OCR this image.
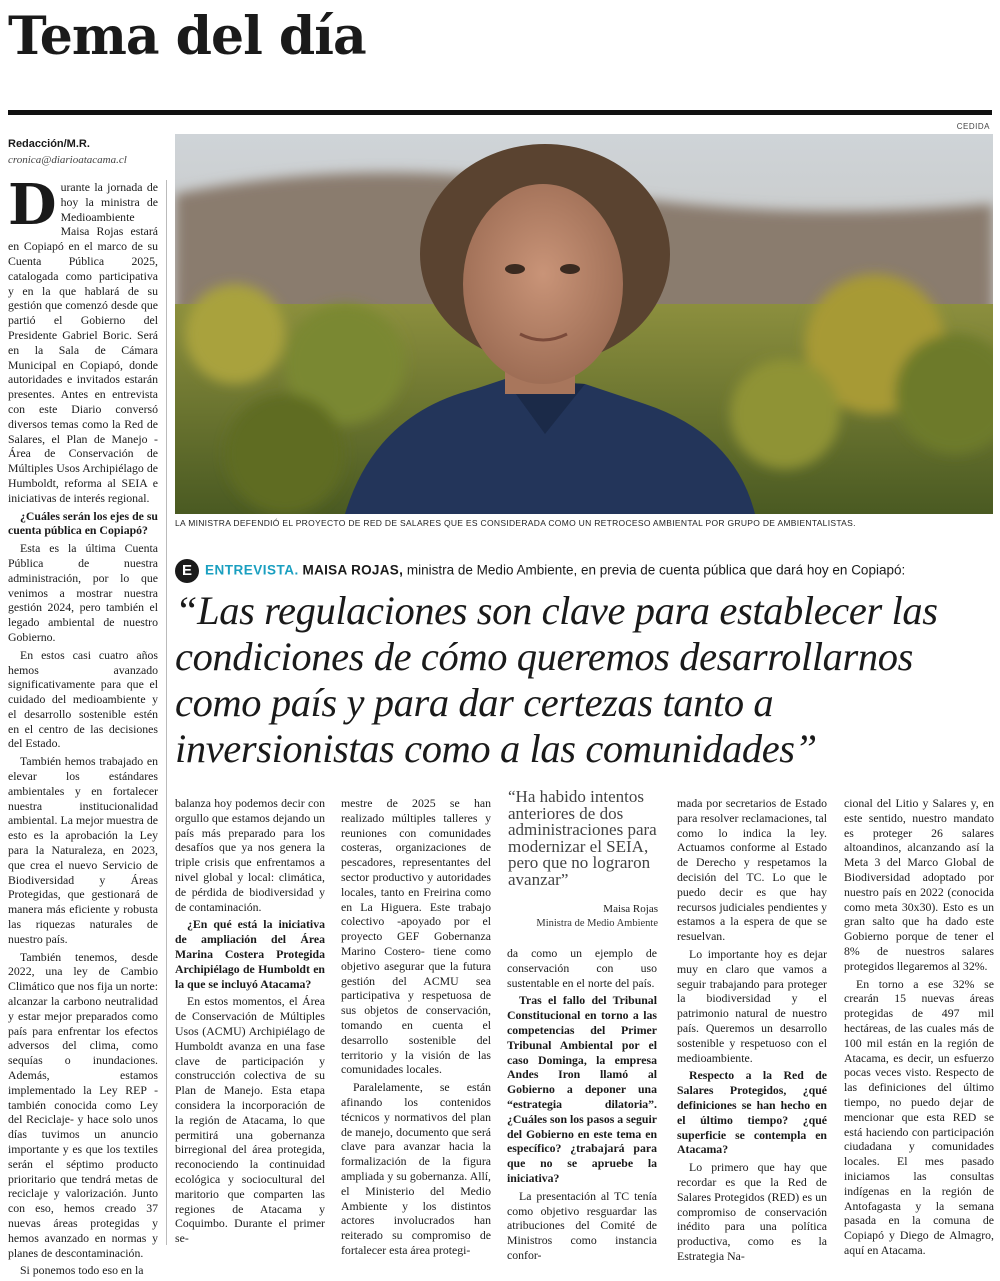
Tema del día
CEDIDA
Redacción/M.R.
cronica@diarioatacama.cl
LA MINISTRA DEFENDIÓ EL PROYECTO DE RED DE SALARES QUE ES CONSIDERADA COMO UN RETROCESO AMBIENTAL POR GRUPO DE AMBIENTALISTAS.
E ENTREVISTA. MAISA ROJAS, ministra de Medio Ambiente, en previa de cuenta pública que dará hoy en Copiapó:
“Las regulaciones son clave para establecer las condiciones de cómo queremos desarrollarnos como país y para dar certezas tanto a inversionistas como a las comunidades”

Durante la jornada de hoy la ministra de Medioambiente Maisa Rojas estará en Copiapó en el marco de su Cuenta Pública 2025, catalogada como participativa y en la que hablará de su gestión que comenzó desde que partió el Gobierno del Presidente Gabriel Boric. Será en la Sala de Cámara Municipal en Copiapó, donde autoridades e invitados estarán presentes. Antes en entrevista con este Diario conversó diversos temas como la Red de Salares, el Plan de Manejo - Área de Conservación de Múltiples Usos Archipiélago de Humboldt, reforma al SEIA e iniciativas de interés regional.

¿Cuáles serán los ejes de su cuenta pública en Copiapó?

Esta es la última Cuenta Pública de nuestra administración, por lo que venimos a mostrar nuestra gestión 2024, pero también el legado ambiental de nuestro Gobierno.

En estos casi cuatro años hemos avanzado significativamente para que el cuidado del medioambiente y el desarrollo sostenible estén en el centro de las decisiones del Estado.

También hemos trabajado en elevar los estándares ambientales y en fortalecer nuestra institucionalidad ambiental. La mejor muestra de esto es la aprobación la Ley para la Naturaleza, en 2023, que crea el nuevo Servicio de Biodiversidad y Áreas Protegidas, que gestionará de manera más eficiente y robusta las riquezas naturales de nuestro país.

También tenemos, desde 2022, una ley de Cambio Climático que nos fija un norte: alcanzar la carbono neutralidad y estar mejor preparados como país para enfrentar los efectos adversos del clima, como sequías o inundaciones. Además, estamos implementado la Ley REP -también conocida como Ley del Reciclaje- y hace solo unos días tuvimos un anuncio importante y es que los textiles serán el séptimo producto prioritario que tendrá metas de reciclaje y valorización. Junto con eso, hemos creado 37 nuevas áreas protegidas y hemos avanzado en normas y planes de descontaminación.

Si ponemos todo eso en la

balanza hoy podemos decir con orgullo que estamos dejando un país más preparado para los desafíos que ya nos genera la triple crisis que enfrentamos a nivel global y local: climática, de pérdida de biodiversidad y de contaminación.

¿En qué está la iniciativa de ampliación del Área Marina Costera Protegida Archipiélago de Humboldt en la que se incluyó Atacama?

En estos momentos, el Área de Conservación de Múltiples Usos (ACMU) Archipiélago de Humboldt avanza en una fase clave de participación y construcción colectiva de su Plan de Manejo. Esta etapa considera la incorporación de la región de Atacama, lo que permitirá una gobernanza birregional del área protegida, reconociendo la continuidad ecológica y sociocultural del maritorio que comparten las regiones de Atacama y Coquimbo. Durante el primer se-

mestre de 2025 se han realizado múltiples talleres y reuniones con comunidades costeras, organizaciones de pescadores, representantes del sector productivo y autoridades locales, tanto en Freirina como en La Higuera. Este trabajo colectivo -apoyado por el proyecto GEF Gobernanza Marino Costero- tiene como objetivo asegurar que la futura gestión del ACMU sea participativa y respetuosa de sus objetos de conservación, tomando en cuenta el desarrollo sostenible del territorio y la visión de las comunidades locales.

Paralelamente, se están afinando los contenidos técnicos y normativos del plan de manejo, documento que será clave para avanzar hacia la formalización de la figura ampliada y su gobernanza. Allí, el Ministerio del Medio Ambiente y los distintos actores involucrados han reiterado su compromiso de fortalecer esta área protegi-

“Ha habido intentos anteriores de dos administraciones para modernizar el SEIA, pero que no lograron avanzar”
Maisa Rojas
Ministra de Medio Ambiente

da como un ejemplo de conservación con uso sustentable en el norte del país.

Tras el fallo del Tribunal Constitucional en torno a las competencias del Primer Tribunal Ambiental por el caso Dominga, la empresa Andes Iron llamó al Gobierno a deponer una “estrategia dilatoria”. ¿Cuáles son los pasos a seguir del Gobierno en este tema en específico? ¿trabajará para que no se apruebe la iniciativa?

La presentación al TC tenía como objetivo resguardar las atribuciones del Comité de Ministros como instancia confor-

mada por secretarios de Estado para resolver reclamaciones, tal como lo indica la ley. Actuamos conforme al Estado de Derecho y respetamos la decisión del TC. Lo que le puedo decir es que hay recursos judiciales pendientes y estamos a la espera de que se resuelvan.

Lo importante hoy es dejar muy en claro que vamos a seguir trabajando para proteger la biodiversidad y el patrimonio natural de nuestro país. Queremos un desarrollo sostenible y respetuoso con el medioambiente.

Respecto a la Red de Salares Protegidos, ¿qué definiciones se han hecho en el último tiempo? ¿qué superficie se contempla en Atacama?

Lo primero que hay que recordar es que la Red de Salares Protegidos (RED) es un compromiso de conservación inédito para una política productiva, como es la Estrategia Na-

cional del Litio y Salares y, en este sentido, nuestro mandato es proteger 26 salares altoandinos, alcanzando así la Meta 3 del Marco Global de Biodiversidad adoptado por nuestro país en 2022 (conocida como meta 30x30). Esto es un gran salto que ha dado este Gobierno porque de tener el 8% de nuestros salares protegidos llegaremos al 32%.

En torno a ese 32% se crearán 15 nuevas áreas protegidas de 497 mil hectáreas, de las cuales más de 100 mil están en la región de Atacama, es decir, un esfuerzo pocas veces visto. Respecto de las definiciones del último tiempo, no puedo dejar de mencionar que esta RED se está haciendo con participación ciudadana y comunidades locales. El mes pasado iniciamos las consultas indígenas en la región de Antofagasta y la semana pasada en la comuna de Copiapó y Diego de Almagro, aquí en Atacama.
